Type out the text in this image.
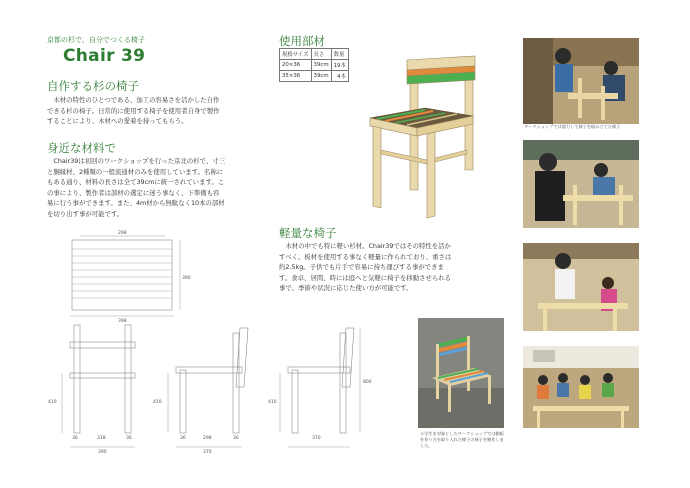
京都の杉で、自分でつくる椅子
Chair 39
自作する杉の椅子
　木材の特性のひとつである、加工の容易さを活かした自作
できる杉の椅子。日常的に使用する椅子を使用者自身で製作
することにより、木材への愛着を持ってもらう。
身近な材料で
　Chair39は初回のワークショップを行った京北の杉で、寸三
と胴縁材、2種類の一般流通材のみを使用しています。名称に
もある通り、材料の長さは全て39cmに統一されています。こ
の事により、製作者は部材の選定に迷う事なく、下準備も容
易に行う事ができます。また、4m材から無駄なく10本の部材
を切り出す事が可能です。
使用部材
規格サイズ	長さ	数量
20×36	39cm	19本
35×36	39cm	4本
軽量な椅子
　木材の中でも特に軽い杉材。Chair39ではその特性を活か
すべく、板材を使用する事なく軽量に作られており、重さは
約2.5kg。子供でも片手で容易に持ち運びする事ができま
す。食卓、居間、時には庭へと気軽に椅子を移動させられる
事で、季節や状況に応じた使い方が可能です。
298
390
398
410
36	318	36
390
410
36	298	36
370
410
800
370
小学生を対象としたワークショップでは側板を作り方を取り入れた様子の椅子を制作しました。
ワークショップでは協力して椅子を組み立てた様子
